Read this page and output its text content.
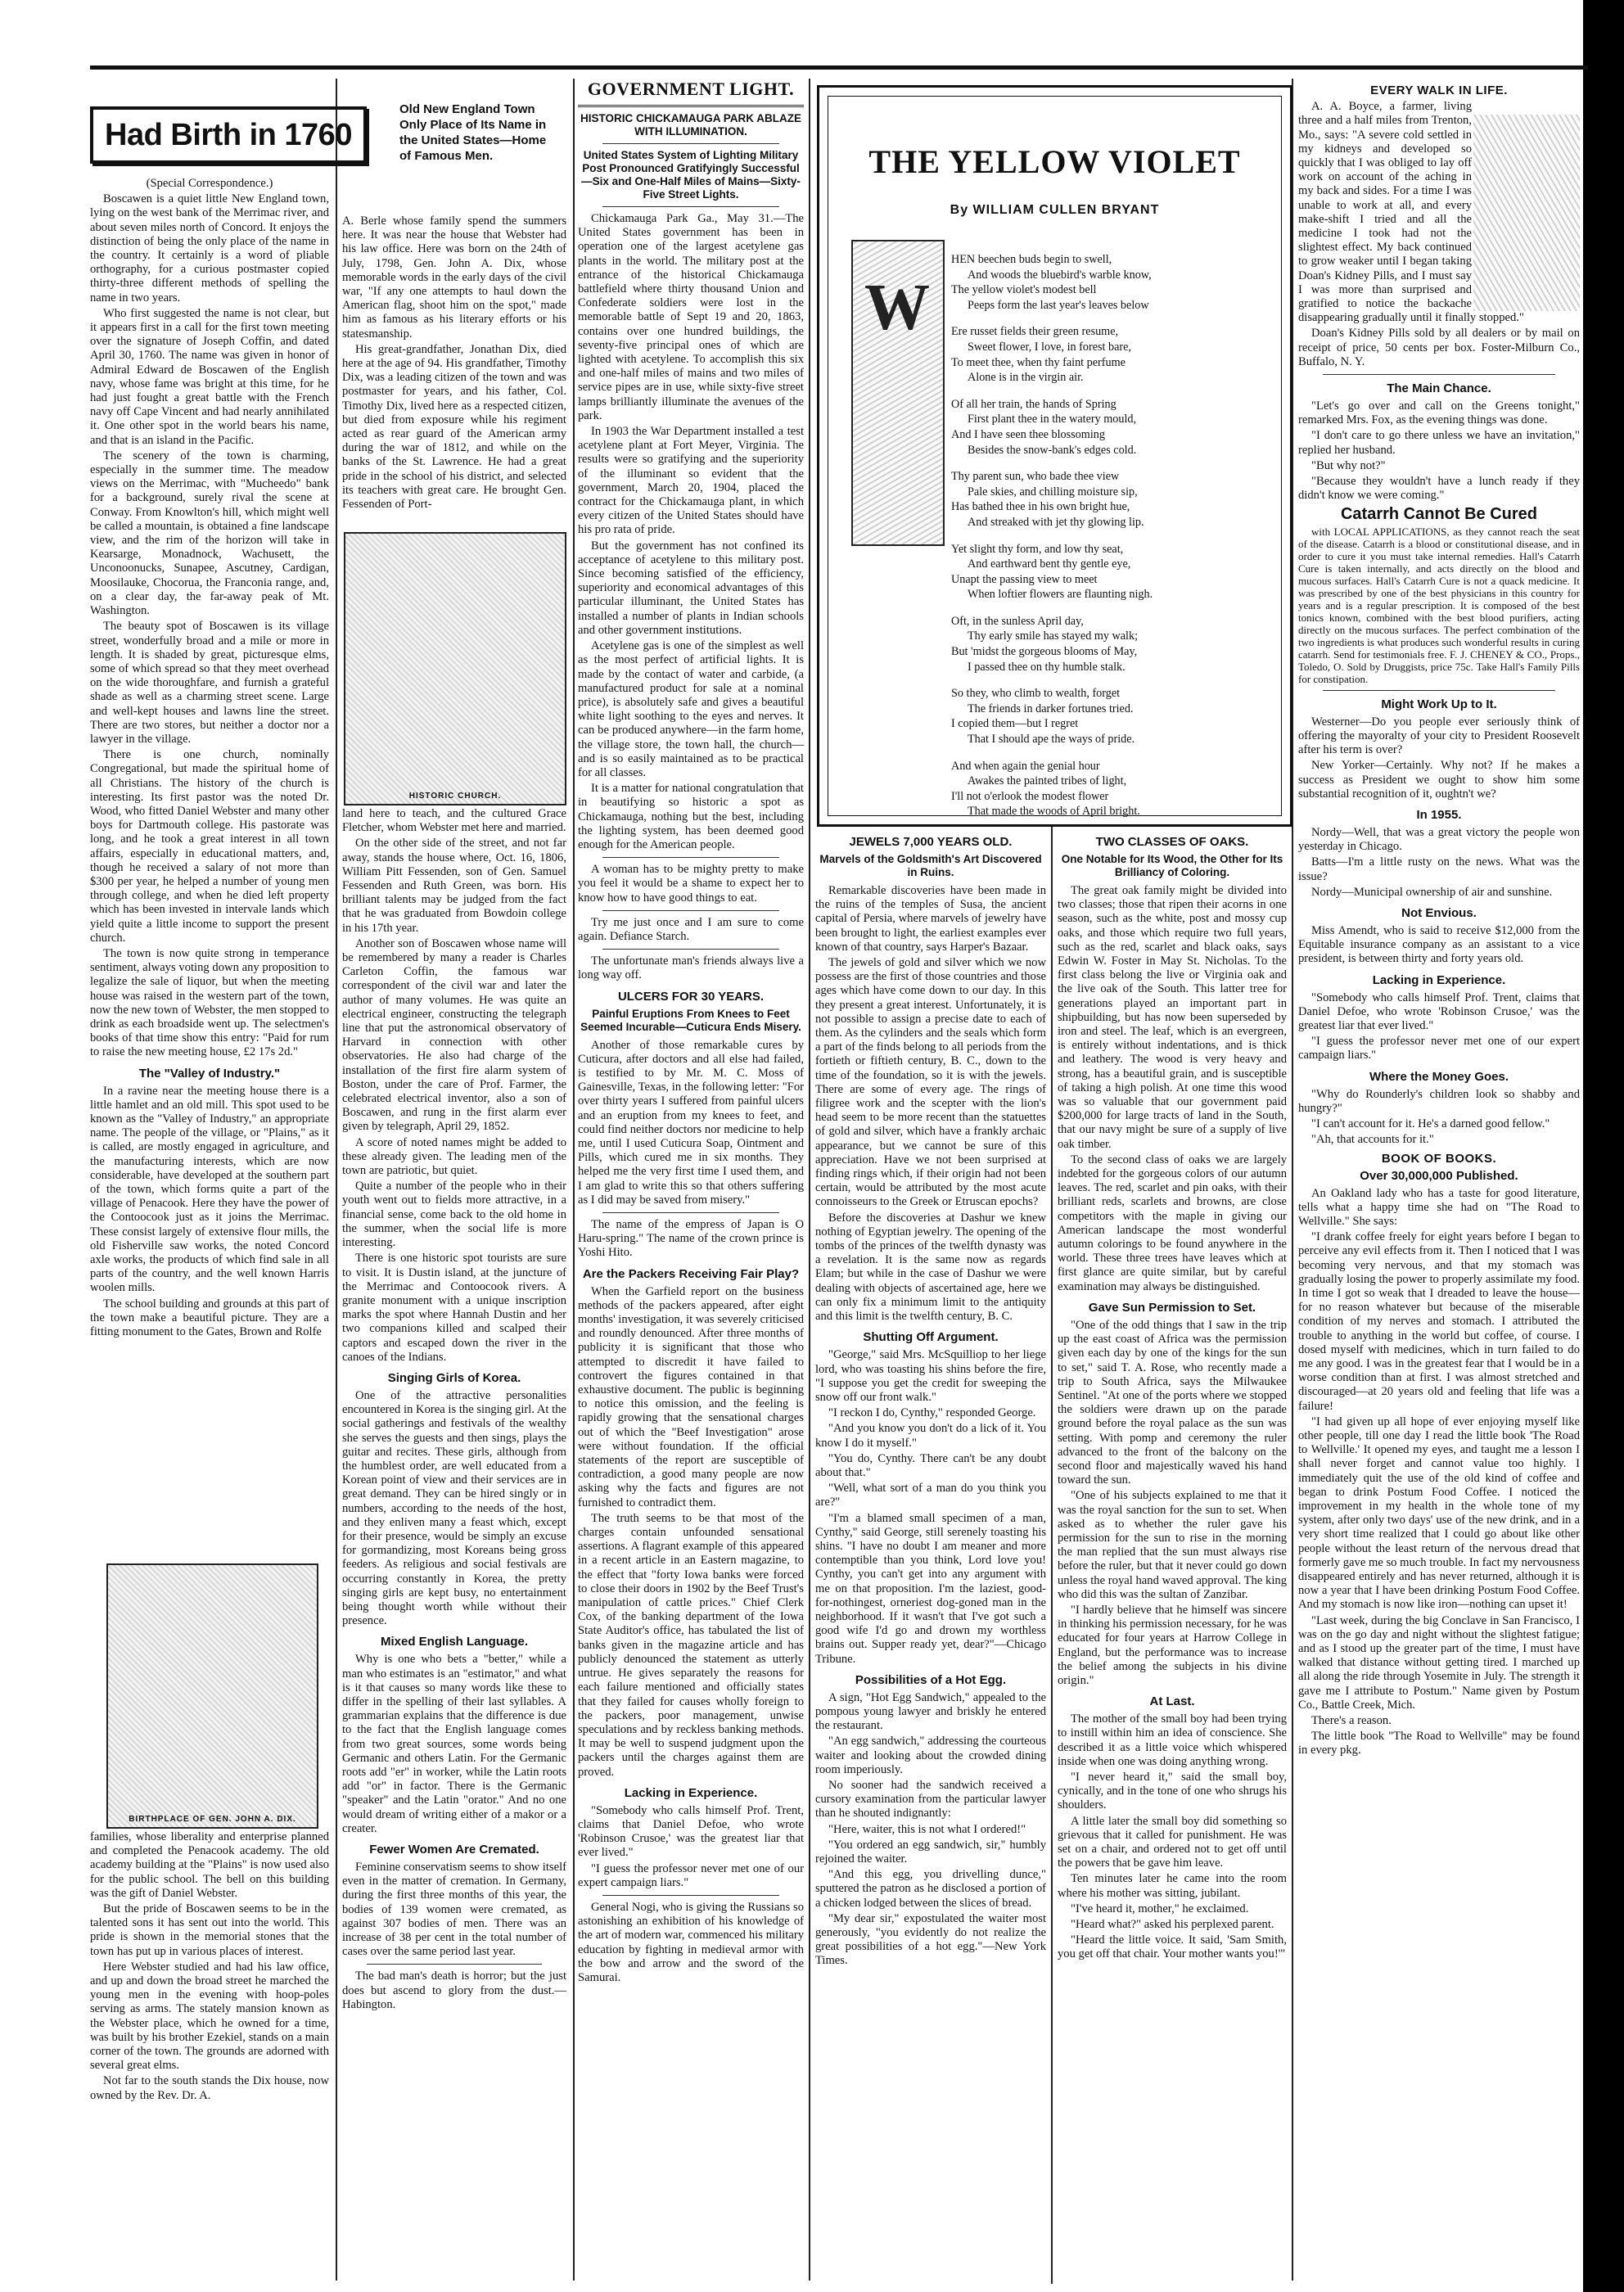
Had Birth in 1760
Old New England Town Only Place of Its Name in the United States—Home of Famous Men.

(Special Correspondence.)

Boscawen is a quiet little New England town, lying on the west bank of the Merrimac river, and about seven miles north of Concord. It enjoys the distinction of being the only place of the name in the country. It certainly is a word of pliable orthography, for a curious postmaster copied thirty-three different methods of spelling the name in two years.

Who first suggested the name is not clear, but it appears first in a call for the first town meeting over the signature of Joseph Coffin, and dated April 30, 1760. The name was given in honor of Admiral Edward de Boscawen of the English navy, whose fame was bright at this time, for he had just fought a great battle with the French navy off Cape Vincent and had nearly annihilated it. One other spot in the world bears his name, and that is an island in the Pacific.

The scenery of the town is charming, especially in the summer time. The meadow views on the Merrimac, with "Mucheedo" bank for a background, surely rival the scene at Conway. From Knowlton's hill, which might well be called a mountain, is obtained a fine landscape view, and the rim of the horizon will take in Kearsarge, Monadnock, Wachusett, the Unconoonucks, Sunapee, Ascutney, Cardigan, Moosilauke, Chocorua, the Franconia range, and, on a clear day, the far-away peak of Mt. Washington.

The beauty spot of Boscawen is its village street, wonderfully broad and a mile or more in length. It is shaded by great, picturesque elms, some of which spread so that they meet overhead on the wide thoroughfare, and furnish a grateful shade as well as a charming street scene. Large and well-kept houses and lawns line the street. There are two stores, but neither a doctor nor a lawyer in the village.

There is one church, nominally Congregational, but made the spiritual home of all Christians. The history of the church is interesting. Its first pastor was the noted Dr. Wood, who fitted Daniel Webster and many other boys for Dartmouth college. His pastorate was long, and he took a great interest in all town affairs, especially in educational matters, and, though he received a salary of not more than $300 per year, he helped a number of young men through college, and when he died left property which has been invested in intervale lands which yield quite a little income to support the present church.

The town is now quite strong in temperance sentiment, always voting down any proposition to legalize the sale of liquor, but when the meeting house was raised in the western part of the town, now the new town of Webster, the men stopped to drink as each broadside went up. The selectmen's books of that time show this entry: "Paid for rum to raise the new meeting house, £2 17s 2d."

The "Valley of Industry."

In a ravine near the meeting house there is a little hamlet and an old mill. This spot used to be known as the "Valley of Industry," an appropriate name. The people of the village, or "Plains," as it is called, are mostly engaged in agriculture, and the manufacturing interests, which are now considerable, have developed at the southern part of the town, which forms quite a part of the village of Penacook. Here they have the power of the Contoocook just as it joins the Merrimac. These consist largely of extensive flour mills, the old Fisherville saw works, the noted Concord axle works, the products of which find sale in all parts of the country, and the well known Harris woolen mills.

The school building and grounds at this part of the town make a beautiful picture. They are a fitting monument to the Gates, Brown and Rolfe

BIRTHPLACE OF GEN. JOHN A. DIX.

families, whose liberality and enterprise planned and completed the Penacook academy. The old academy building at the "Plains" is now used also for the public school. The bell on this building was the gift of Daniel Webster.

But the pride of Boscawen seems to be in the talented sons it has sent out into the world. This pride is shown in the memorial stones that the town has put up in various places of interest.

Here Webster studied and had his law office, and up and down the broad street he marched the young men in the evening with hoop-poles serving as arms. The stately mansion known as the Webster place, which he owned for a time, was built by his brother Ezekiel, stands on a main corner of the town. The grounds are adorned with several great elms.

Not far to the south stands the Dix house, now owned by the Rev. Dr. A.

A. Berle whose family spend the summers here. It was near the house that Webster had his law office. Here was born on the 24th of July, 1798, Gen. John A. Dix, whose memorable words in the early days of the civil war, "If any one attempts to haul down the American flag, shoot him on the spot," made him as famous as his literary efforts or his statesmanship.

His great-grandfather, Jonathan Dix, died here at the age of 94. His grandfather, Timothy Dix, was a leading citizen of the town and was postmaster for years, and his father, Col. Timothy Dix, lived here as a respected citizen, but died from exposure while his regiment acted as rear guard of the American army during the war of 1812, and while on the banks of the St. Lawrence. He had a great pride in the school of his district, and selected its teachers with great care. He brought Gen. Fessenden of Port-

HISTORIC CHURCH.

land here to teach, and the cultured Grace Fletcher, whom Webster met here and married.

On the other side of the street, and not far away, stands the house where, Oct. 16, 1806, William Pitt Fessenden, son of Gen. Samuel Fessenden and Ruth Green, was born. His brilliant talents may be judged from the fact that he was graduated from Bowdoin college in his 17th year.

Another son of Boscawen whose name will be remembered by many a reader is Charles Carleton Coffin, the famous war correspondent of the civil war and later the author of many volumes. He was quite an electrical engineer, constructing the telegraph line that put the astronomical observatory of Harvard in connection with other observatories. He also had charge of the installation of the first fire alarm system of Boston, under the care of Prof. Farmer, the celebrated electrical inventor, also a son of Boscawen, and rung in the first alarm ever given by telegraph, April 29, 1852.

A score of noted names might be added to these already given. The leading men of the town are patriotic, but quiet.

Quite a number of the people who in their youth went out to fields more attractive, in a financial sense, come back to the old home in the summer, when the social life is more interesting.

There is one historic spot tourists are sure to visit. It is Dustin island, at the juncture of the Merrimac and Contoocook rivers. A granite monument with a unique inscription marks the spot where Hannah Dustin and her two companions killed and scalped their captors and escaped down the river in the canoes of the Indians.

Singing Girls of Korea.

One of the attractive personalities encountered in Korea is the singing girl. At the social gatherings and festivals of the wealthy she serves the guests and then sings, plays the guitar and recites. These girls, although from the humblest order, are well educated from a Korean point of view and their services are in great demand. They can be hired singly or in numbers, according to the needs of the host, and they enliven many a feast which, except for their presence, would be simply an excuse for gormandizing, most Koreans being gross feeders. As religious and social festivals are occurring constantly in Korea, the pretty singing girls are kept busy, no entertainment being thought worth while without their presence.

Mixed English Language.

Why is one who bets a "better," while a man who estimates is an "estimator," and what is it that causes so many words like these to differ in the spelling of their last syllables. A grammarian explains that the difference is due to the fact that the English language comes from two great sources, some words being Germanic and others Latin. For the Germanic roots add "er" in worker, while the Latin roots add "or" in factor. There is the Germanic "speaker" and the Latin "orator." And no one would dream of writing either of a makor or a creater.

Fewer Women Are Cremated.

Feminine conservatism seems to show itself even in the matter of cremation. In Germany, during the first three months of this year, the bodies of 139 women were cremated, as against 307 bodies of men. There was an increase of 38 per cent in the total number of cases over the same period last year.

The bad man's death is horror; but the just does but ascend to glory from the dust.—Habington.

GOVERNMENT LIGHT.
HISTORIC CHICKAMAUGA PARK ABLAZE WITH ILLUMINATION.
United States System of Lighting Military Post Pronounced Gratifyingly Successful—Six and One-Half Miles of Mains—Sixty-Five Street Lights.

Chickamauga Park Ga., May 31.—The United States government has been in operation one of the largest acetylene gas plants in the world. The military post at the entrance of the historical Chickamauga battlefield where thirty thousand Union and Confederate soldiers were lost in the memorable battle of Sept 19 and 20, 1863, contains over one hundred buildings, the seventy-five principal ones of which are lighted with acetylene. To accomplish this six and one-half miles of mains and two miles of service pipes are in use, while sixty-five street lamps brilliantly illuminate the avenues of the park.

In 1903 the War Department installed a test acetylene plant at Fort Meyer, Virginia. The results were so gratifying and the superiority of the illuminant so evident that the government, March 20, 1904, placed the contract for the Chickamauga plant, in which every citizen of the United States should have his pro rata of pride.

But the government has not confined its acceptance of acetylene to this military post. Since becoming satisfied of the efficiency, superiority and economical advantages of this particular illuminant, the United States has installed a number of plants in Indian schools and other government institutions.

Acetylene gas is one of the simplest as well as the most perfect of artificial lights. It is made by the contact of water and carbide, (a manufactured product for sale at a nominal price), is absolutely safe and gives a beautiful white light soothing to the eyes and nerves. It can be produced anywhere—in the farm home, the village store, the town hall, the church—and is so easily maintained as to be practical for all classes.

It is a matter for national congratulation that in beautifying so historic a spot as Chickamauga, nothing but the best, including the lighting system, has been deemed good enough for the American people.

A woman has to be mighty pretty to make you feel it would be a shame to expect her to know how to have good things to eat.

Try me just once and I am sure to come again. Defiance Starch.

The unfortunate man's friends always live a long way off.

ULCERS FOR 30 YEARS.
Painful Eruptions From Knees to Feet Seemed Incurable—Cuticura Ends Misery.

Another of those remarkable cures by Cuticura, after doctors and all else had failed, is testified to by Mr. M. C. Moss of Gainesville, Texas, in the following letter: "For over thirty years I suffered from painful ulcers and an eruption from my knees to feet, and could find neither doctors nor medicine to help me, until I used Cuticura Soap, Ointment and Pills, which cured me in six months. They helped me the very first time I used them, and I am glad to write this so that others suffering as I did may be saved from misery."

The name of the empress of Japan is O Haru-spring." The name of the crown prince is Yoshi Hito.

Are the Packers Receiving Fair Play?

When the Garfield report on the business methods of the packers appeared, after eight months' investigation, it was severely criticised and roundly denounced. After three months of publicity it is significant that those who attempted to discredit it have failed to controvert the figures contained in that exhaustive document. The public is beginning to notice this omission, and the feeling is rapidly growing that the sensational charges out of which the "Beef Investigation" arose were without foundation. If the official statements of the report are susceptible of contradiction, a good many people are now asking why the facts and figures are not furnished to contradict them.

The truth seems to be that most of the charges contain unfounded sensational assertions. A flagrant example of this appeared in a recent article in an Eastern magazine, to the effect that "forty Iowa banks were forced to close their doors in 1902 by the Beef Trust's manipulation of cattle prices." Chief Clerk Cox, of the banking department of the Iowa State Auditor's office, has tabulated the list of banks given in the magazine article and has publicly denounced the statement as utterly untrue. He gives separately the reasons for each failure mentioned and officially states that they failed for causes wholly foreign to the packers, poor management, unwise speculations and by reckless banking methods. It may be well to suspend judgment upon the packers until the charges against them are proved.

Lacking in Experience.

"Somebody who calls himself Prof. Trent, claims that Daniel Defoe, who wrote 'Robinson Crusoe,' was the greatest liar that ever lived."

"I guess the professor never met one of our expert campaign liars."

General Nogi, who is giving the Russians so astonishing an exhibition of his knowledge of the art of modern war, commenced his military education by fighting in medieval armor with the bow and arrow and the sword of the Samurai.

THE YELLOW VIOLET
By WILLIAM CULLEN BRYANT
W
HEN beechen buds begin to swell,
And woods the bluebird's warble know,
The yellow violet's modest bell
Peeps form the last year's leaves below
Ere russet fields their green resume,
Sweet flower, I love, in forest bare,
To meet thee, when thy faint perfume
Alone is in the virgin air.
Of all her train, the hands of Spring
First plant thee in the watery mould,
And I have seen thee blossoming
Besides the snow-bank's edges cold.
Thy parent sun, who bade thee view
Pale skies, and chilling moisture sip,
Has bathed thee in his own bright hue,
And streaked with jet thy glowing lip.
Yet slight thy form, and low thy seat,
And earthward bent thy gentle eye,
Unapt the passing view to meet
When loftier flowers are flaunting nigh.
Oft, in the sunless April day,
Thy early smile has stayed my walk;
But 'midst the gorgeous blooms of May,
I passed thee on thy humble stalk.
So they, who climb to wealth, forget
The friends in darker fortunes tried.
I copied them—but I regret
That I should ape the ways of pride.
And when again the genial hour
Awakes the painted tribes of light,
I'll not o'erlook the modest flower
That made the woods of April bright.
JEWELS 7,000 YEARS OLD.
Marvels of the Goldsmith's Art Discovered in Ruins.

Remarkable discoveries have been made in the ruins of the temples of Susa, the ancient capital of Persia, where marvels of jewelry have been brought to light, the earliest examples ever known of that country, says Harper's Bazaar.

The jewels of gold and silver which we now possess are the first of those countries and those ages which have come down to our day. In this they present a great interest. Unfortunately, it is not possible to assign a precise date to each of them. As the cylinders and the seals which form a part of the finds belong to all periods from the fortieth or fiftieth century, B. C., down to the time of the foundation, so it is with the jewels. There are some of every age. The rings of filigree work and the scepter with the lion's head seem to be more recent than the statuettes of gold and silver, which have a frankly archaic appearance, but we cannot be sure of this appreciation. Have we not been surprised at finding rings which, if their origin had not been certain, would be attributed by the most acute connoisseurs to the Greek or Etruscan epochs?

Before the discoveries at Dashur we knew nothing of Egyptian jewelry. The opening of the tombs of the princes of the twelfth dynasty was a revelation. It is the same now as regards Elam; but while in the case of Dashur we were dealing with objects of ascertained age, here we can only fix a minimum limit to the antiquity and this limit is the twelfth century, B. C.

Shutting Off Argument.

"George," said Mrs. McSquilliop to her liege lord, who was toasting his shins before the fire, "I suppose you get the credit for sweeping the snow off our front walk."

"I reckon I do, Cynthy," responded George.

"And you know you don't do a lick of it. You know I do it myself."

"You do, Cynthy. There can't be any doubt about that."

"Well, what sort of a man do you think you are?"

"I'm a blamed small specimen of a man, Cynthy," said George, still serenely toasting his shins. "I have no doubt I am meaner and more contemptible than you think, Lord love you! Cynthy, you can't get into any argument with me on that proposition. I'm the laziest, good-for-nothingest, orneriest dog-goned man in the neighborhood. If it wasn't that I've got such a good wife I'd go and drown my worthless brains out. Supper ready yet, dear?"—Chicago Tribune.

Possibilities of a Hot Egg.

A sign, "Hot Egg Sandwich," appealed to the pompous young lawyer and briskly he entered the restaurant.

"An egg sandwich," addressing the courteous waiter and looking about the crowded dining room imperiously.

No sooner had the sandwich received a cursory examination from the particular lawyer than he shouted indignantly:

"Here, waiter, this is not what I ordered!"

"You ordered an egg sandwich, sir," humbly rejoined the waiter.

"And this egg, you drivelling dunce," sputtered the patron as he disclosed a portion of a chicken lodged between the slices of bread.

"My dear sir," expostulated the waiter most generously, "you evidently do not realize the great possibilities of a hot egg."—New York Times.

TWO CLASSES OF OAKS.
One Notable for Its Wood, the Other for Its Brilliancy of Coloring.

The great oak family might be divided into two classes; those that ripen their acorns in one season, such as the white, post and mossy cup oaks, and those which require two full years, such as the red, scarlet and black oaks, says Edwin W. Foster in May St. Nicholas. To the first class belong the live or Virginia oak and the live oak of the South. This latter tree for generations played an important part in shipbuilding, but has now been superseded by iron and steel. The leaf, which is an evergreen, is entirely without indentations, and is thick and leathery. The wood is very heavy and strong, has a beautiful grain, and is susceptible of taking a high polish. At one time this wood was so valuable that our government paid $200,000 for large tracts of land in the South, that our navy might be sure of a supply of live oak timber.

To the second class of oaks we are largely indebted for the gorgeous colors of our autumn leaves. The red, scarlet and pin oaks, with their brilliant reds, scarlets and browns, are close competitors with the maple in giving our American landscape the most wonderful autumn colorings to be found anywhere in the world. These three trees have leaves which at first glance are quite similar, but by careful examination may always be distinguished.

Gave Sun Permission to Set.

"One of the odd things that I saw in the trip up the east coast of Africa was the permission given each day by one of the kings for the sun to set," said T. A. Rose, who recently made a trip to South Africa, says the Milwaukee Sentinel. "At one of the ports where we stopped the soldiers were drawn up on the parade ground before the royal palace as the sun was setting. With pomp and ceremony the ruler advanced to the front of the balcony on the second floor and majestically waved his hand toward the sun.

"One of his subjects explained to me that it was the royal sanction for the sun to set. When asked as to whether the ruler gave his permission for the sun to rise in the morning the man replied that the sun must always rise before the ruler, but that it never could go down unless the royal hand waved approval. The king who did this was the sultan of Zanzibar.

"I hardly believe that he himself was sincere in thinking his permission necessary, for he was educated for four years at Harrow College in England, but the performance was to increase the belief among the subjects in his divine origin."

At Last.

The mother of the small boy had been trying to instill within him an idea of conscience. She described it as a little voice which whispered inside when one was doing anything wrong.

"I never heard it," said the small boy, cynically, and in the tone of one who shrugs his shoulders.

A little later the small boy did something so grievous that it called for punishment. He was set on a chair, and ordered not to get off until the powers that be gave him leave.

Ten minutes later he came into the room where his mother was sitting, jubilant.

"I've heard it, mother," he exclaimed.

"Heard what?" asked his perplexed parent.

"Heard the little voice. It said, 'Sam Smith, you get off that chair. Your mother wants you!'"

EVERY WALK IN LIFE.

A. A. Boyce, a farmer, living three and a half miles from Trenton, Mo., says: "A severe cold settled in my kidneys and developed so quickly that I was obliged to lay off work on account of the aching in my back and sides. For a time I was unable to work at all, and every make-shift I tried and all the medicine I took had not the slightest effect. My back continued to grow weaker until I began taking Doan's Kidney Pills, and I must say I was more than surprised and gratified to notice the backache disappearing gradually until it finally stopped."

Doan's Kidney Pills sold by all dealers or by mail on receipt of price, 50 cents per box. Foster-Milburn Co., Buffalo, N. Y.

The Main Chance.

"Let's go over and call on the Greens tonight," remarked Mrs. Fox, as the evening things was done.

"I don't care to go there unless we have an invitation," replied her husband.

"But why not?"

"Because they wouldn't have a lunch ready if they didn't know we were coming."

Catarrh Cannot Be Cured

with LOCAL APPLICATIONS, as they cannot reach the seat of the disease. Catarrh is a blood or constitutional disease, and in order to cure it you must take internal remedies. Hall's Catarrh Cure is taken internally, and acts directly on the blood and mucous surfaces. Hall's Catarrh Cure is not a quack medicine. It was prescribed by one of the best physicians in this country for years and is a regular prescription. It is composed of the best tonics known, combined with the best blood purifiers, acting directly on the mucous surfaces. The perfect combination of the two ingredients is what produces such wonderful results in curing catarrh. Send for testimonials free. F. J. CHENEY & CO., Props., Toledo, O. Sold by Druggists, price 75c. Take Hall's Family Pills for constipation.

Might Work Up to It.

Westerner—Do you people ever seriously think of offering the mayoralty of your city to President Roosevelt after his term is over?

New Yorker—Certainly. Why not? If he makes a success as President we ought to show him some substantial recognition of it, oughtn't we?

In 1955.

Nordy—Well, that was a great victory the people won yesterday in Chicago.

Batts—I'm a little rusty on the news. What was the issue?

Nordy—Municipal ownership of air and sunshine.

Not Envious.

Miss Amendt, who is said to receive $12,000 from the Equitable insurance company as an assistant to a vice president, is between thirty and forty years old.

Lacking in Experience.

"Somebody who calls himself Prof. Trent, claims that Daniel Defoe, who wrote 'Robinson Crusoe,' was the greatest liar that ever lived."

"I guess the professor never met one of our expert campaign liars."

Where the Money Goes.

"Why do Rounderly's children look so shabby and hungry?"

"I can't account for it. He's a darned good fellow."

"Ah, that accounts for it."

BOOK OF BOOKS.
Over 30,000,000 Published.

An Oakland lady who has a taste for good literature, tells what a happy time she had on "The Road to Wellville." She says:

"I drank coffee freely for eight years before I began to perceive any evil effects from it. Then I noticed that I was becoming very nervous, and that my stomach was gradually losing the power to properly assimilate my food. In time I got so weak that I dreaded to leave the house—for no reason whatever but because of the miserable condition of my nerves and stomach. I attributed the trouble to anything in the world but coffee, of course. I dosed myself with medicines, which in turn failed to do me any good. I was in the greatest fear that I would be in a worse condition than at first. I was almost stretched and discouraged—at 20 years old and feeling that life was a failure!

"I had given up all hope of ever enjoying myself like other people, till one day I read the little book 'The Road to Wellville.' It opened my eyes, and taught me a lesson I shall never forget and cannot value too highly. I immediately quit the use of the old kind of coffee and began to drink Postum Food Coffee. I noticed the improvement in my health in the whole tone of my system, after only two days' use of the new drink, and in a very short time realized that I could go about like other people without the least return of the nervous dread that formerly gave me so much trouble. In fact my nervousness disappeared entirely and has never returned, although it is now a year that I have been drinking Postum Food Coffee. And my stomach is now like iron—nothing can upset it!

"Last week, during the big Conclave in San Francisco, I was on the go day and night without the slightest fatigue; and as I stood up the greater part of the time, I must have walked that distance without getting tired. I marched up all along the ride through Yosemite in July. The strength it gave me I attribute to Postum." Name given by Postum Co., Battle Creek, Mich.

There's a reason.

The little book "The Road to Wellville" may be found in every pkg.
